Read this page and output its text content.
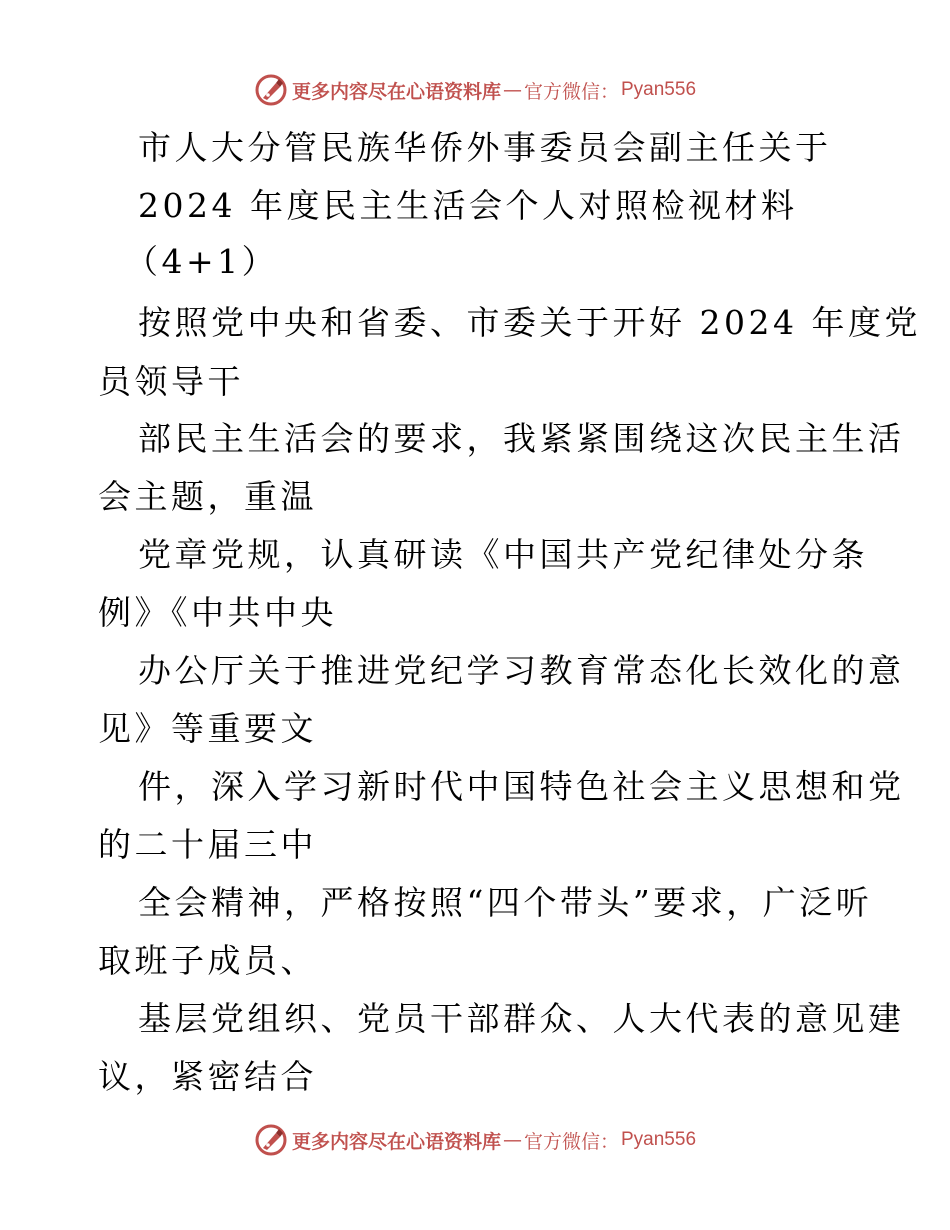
更多内容尽在心语资料库 — 官方微信： Pyan556
市人大分管民族华侨外事委员会副主任关于
2024 年度民主生活会个人对照检视材料
（4+1）
按照党中央和省委、市委关于开好 2024 年度党
员领导干
部民主生活会的要求，我紧紧围绕这次民主生活
会主题，重温
党章党规，认真研读《中国共产党纪律处分条
例》《中共中央
办公厅关于推进党纪学习教育常态化长效化的意
见》等重要文
件，深入学习新时代中国特色社会主义思想和党
的二十届三中
全会精神，严格按照“四个带头”要求，广泛听
取班子成员、
基层党组织、党员干部群众、人大代表的意见建
议，紧密结合
更多内容尽在心语资料库 — 官方微信： Pyan556
